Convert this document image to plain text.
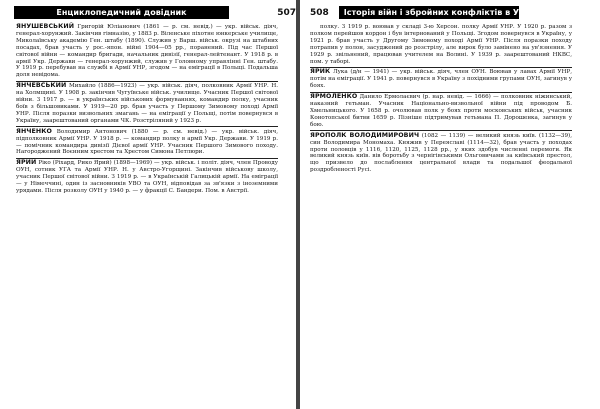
Енциклопедичний довідник	507

ЯНУШЕВСЬКИЙ Григорій Юліанович (1861 — р. см. невід.) — укр. військ. діяч, генерал-хорунжий. Закінчив гімназію, у 1883 р. Віленське піхотне юнкерське училище, Миколаївську академію Ген. штабу (1890). Служив у Варш. військ. окрузі на штабних посадах, брав участь у рос.-япон. війні 1904—05 рр., поранений. Під час Першої світової війни — командир бригади, начальник дивізії, генерал-лейтенант. У 1918 р. в армії Укр. Держави — генерал-хорунжий, служив у Головному управлінні Ген. штабу. У 1919 р. перебував на службі в Армії УНР, згодом — на еміграції в Польщі. Подальша доля невідома.

ЯНЧЕВСЬКИЙ Михайло (1886—1923) — укр. військ. діяч, полковник Армії УНР. Н. на Холмщині. У 1908 р. закінчив Чугуївське військ. училище. Учасник Першої світової війни. З 1917 р. — в українських військових формуваннях, командир полку, учасник боїв з більшовиками. У 1919—20 рр. брав участь у Першому Зимовому поході Армії УНР. Після поразки визвольних змагань — на еміграції у Польщі, потім повернувся в Україну, заарештований органами ЧК. Розстріляний у 1923 р.

ЯНЧЕНКО Володимир Антонович (1880 — р. см. невід.) — укр. військ. діяч, підполковник Армії УНР. У 1918 р. — командир полку в армії Укр. Держави. У 1919 р. — помічник командира дивізії Дієвої армії УНР. Учасник Першого Зимового походу. Нагороджений Воєнним хрестом та Хрестом Симона Петлюри.

ЯРИЙ Ріко (Ріхард, Рико Ярий) (1898—1969) — укр. військ. і політ. діяч, член Проводу ОУН, сотник УГА та Армії УНР. Н. у Австро-Угорщині. Закінчив військову школу, учасник Першої світової війни. З 1919 р. — в Українській Галицькій армії. На еміграції — у Німеччині, один із засновників УВО та ОУН, відповідав за зв'язки з іноземними урядами. Після розколу ОУН у 1940 р. — у фракції С. Бандери. Пом. в Австрії.

508	Історія війн і збройних конфліктів в Україні

полку. З 1919 р. воював у складі 3-ю Херсон. полку Армії УНР. У 1920 р. разом з полком перейшов кордон і був інтернований у Польщі. Згодом повернувся в Україну, у 1921 р. брав участь у Другому Зимовому поході Армії УНР. Після поразки походу потрапив у полон, засуджений до розстрілу, але вирок було замінено на ув'язнення. У 1929 р. звільнений, працював учителем на Волині. У 1939 р. заарештований НКВС, пом. у таборі.

ЯРИК Лука (д/н — 1941) — укр. військ. діяч, член ОУН. Воював у лавах Армії УНР, потім на еміграції. У 1941 р. повернувся в Україну з похідними групами ОУН, загинув у боях.

ЯРМОЛЕНКО Данило Ермолаєвич (р. нар. невід. — 1666) — полковник ніжинський, наказний гетьман. Учасник Національно-визвольної війни під проводом Б. Хмельницького. У 1658 р. очолював полк у боях проти московських військ, учасник Конотопської битви 1659 р. Пізніше підтримував гетьмана П. Дорошенка, загинув у бою.

ЯРОПОЛК ВОЛОДИМИРОВИЧ (1082 — 1139) — великий князь київ. (1132—39), син Володимира Мономаха. Княжив у Переяславі (1114—32), брав участь у походах проти половців у 1116, 1120, 1125, 1128 рр., у яких здобув численні перемоги. Як великий князь київ. вів боротьбу з чернігівськими Ольговичами за київський престол, що призвело до послаблення центральної влади та подальшої феодальної роздробленості Русі.
